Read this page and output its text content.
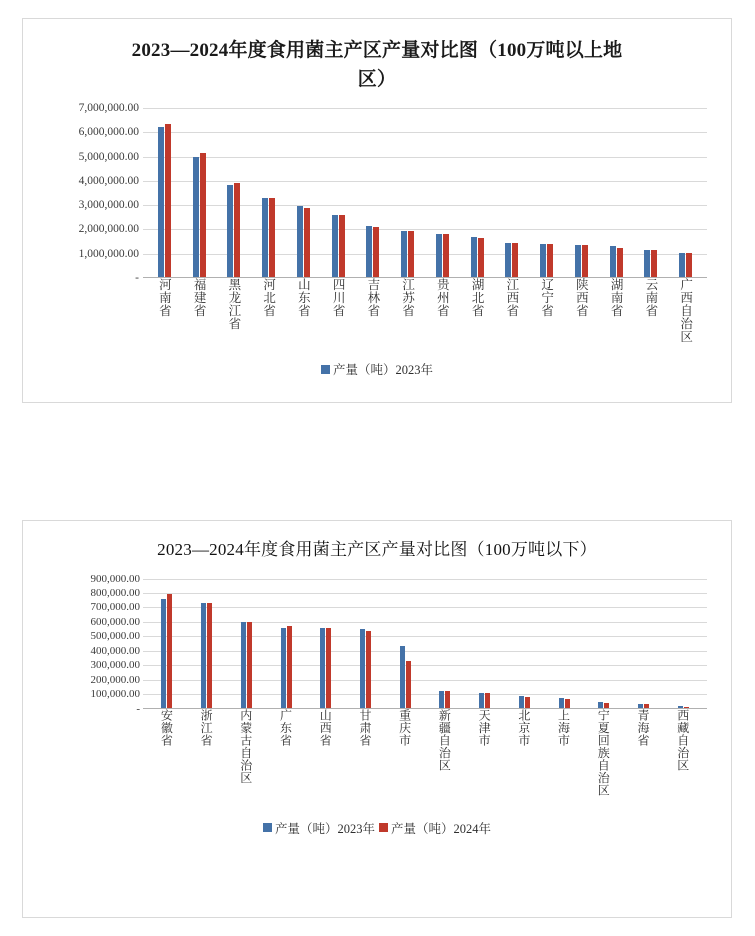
2023—2024年度食用菌主产区产量对比图（100万吨以上地区）
7,000,000.00
6,000,000.00
5,000,000.00
4,000,000.00
3,000,000.00
2,000,000.00
1,000,000.00
- 河南省 福建省 黑龙江省 河北省 山东省 四川省 吉林省 江苏省 贵州省 湖北省 江西省 辽宁省 陕西省 湖南省 云南省 广西自治区
产量（吨）2023年
2023—2024年度食用菌主产区产量对比图（100万吨以下）
900,000.00
800,000.00
700,000.00
600,000.00
500,000.00
400,000.00
300,000.00
200,000.00
100,000.00
- 安徽省 浙江省 内蒙古自治区 广东省 山西省 甘肃省 重庆市 新疆自治区 天津市 北京市 上海市 宁夏回族自治区 青海省 西藏自治区
产量（吨）2023年 产量（吨）2024年
